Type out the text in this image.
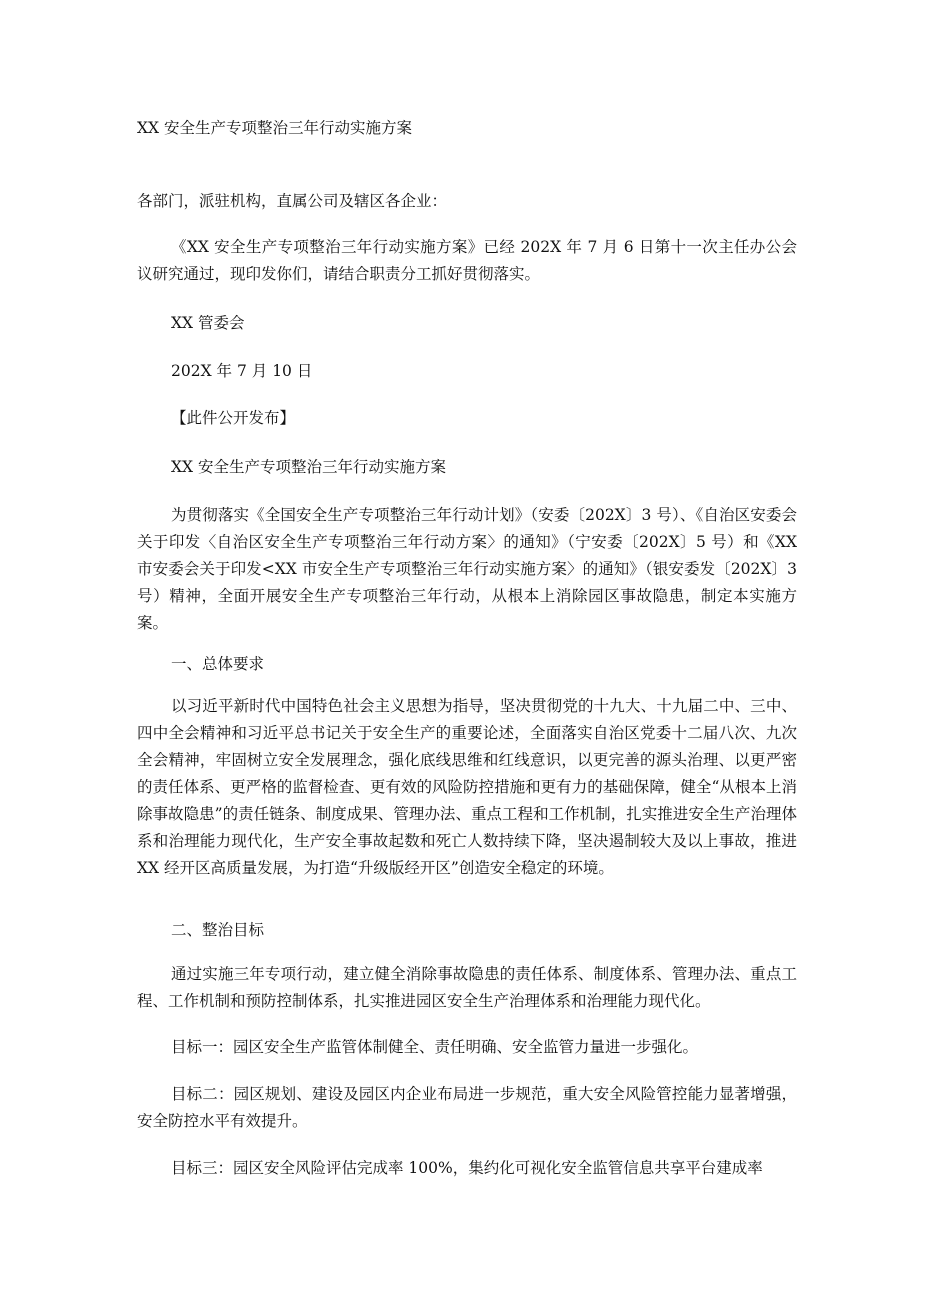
XX 安全生产专项整治三年行动实施方案
各部门，派驻机构，直属公司及辖区各企业：
《XX 安全生产专项整治三年行动实施方案》已经 202X 年 7 月 6 日第十一次主任办公会议研究通过，现印发你们，请结合职责分工抓好贯彻落实。
XX 管委会
202X 年 7 月 10 日
【此件公开发布】
XX 安全生产专项整治三年行动实施方案
为贯彻落实《全国安全生产专项整治三年行动计划》（安委〔202X〕3 号）、《自治区安委会关于印发〈自治区安全生产专项整治三年行动方案〉的通知》（宁安委〔202X〕5 号）和《XX 市安委会关于印发<XX 市安全生产专项整治三年行动实施方案〉的通知》（银安委发〔202X〕3 号）精神，全面开展安全生产专项整治三年行动，从根本上消除园区事故隐患，制定本实施方案。
一、总体要求
以习近平新时代中国特色社会主义思想为指导，坚决贯彻党的十九大、十九届二中、三中、四中全会精神和习近平总书记关于安全生产的重要论述，全面落实自治区党委十二届八次、九次全会精神，牢固树立安全发展理念，强化底线思维和红线意识，以更完善的源头治理、以更严密的责任体系、更严格的监督检查、更有效的风险防控措施和更有力的基础保障，健全“从根本上消除事故隐患”的责任链条、制度成果、管理办法、重点工程和工作机制，扎实推进安全生产治理体系和治理能力现代化，生产安全事故起数和死亡人数持续下降，坚决遏制较大及以上事故，推进 XX 经开区高质量发展，为打造“升级版经开区”创造安全稳定的环境。
二、整治目标
通过实施三年专项行动，建立健全消除事故隐患的责任体系、制度体系、管理办法、重点工程、工作机制和预防控制体系，扎实推进园区安全生产治理体系和治理能力现代化。
目标一：园区安全生产监管体制健全、责任明确、安全监管力量进一步强化。
目标二：园区规划、建设及园区内企业布局进一步规范，重大安全风险管控能力显著增强，安全防控水平有效提升。
目标三：园区安全风险评估完成率 100%，集约化可视化安全监管信息共享平台建成率
